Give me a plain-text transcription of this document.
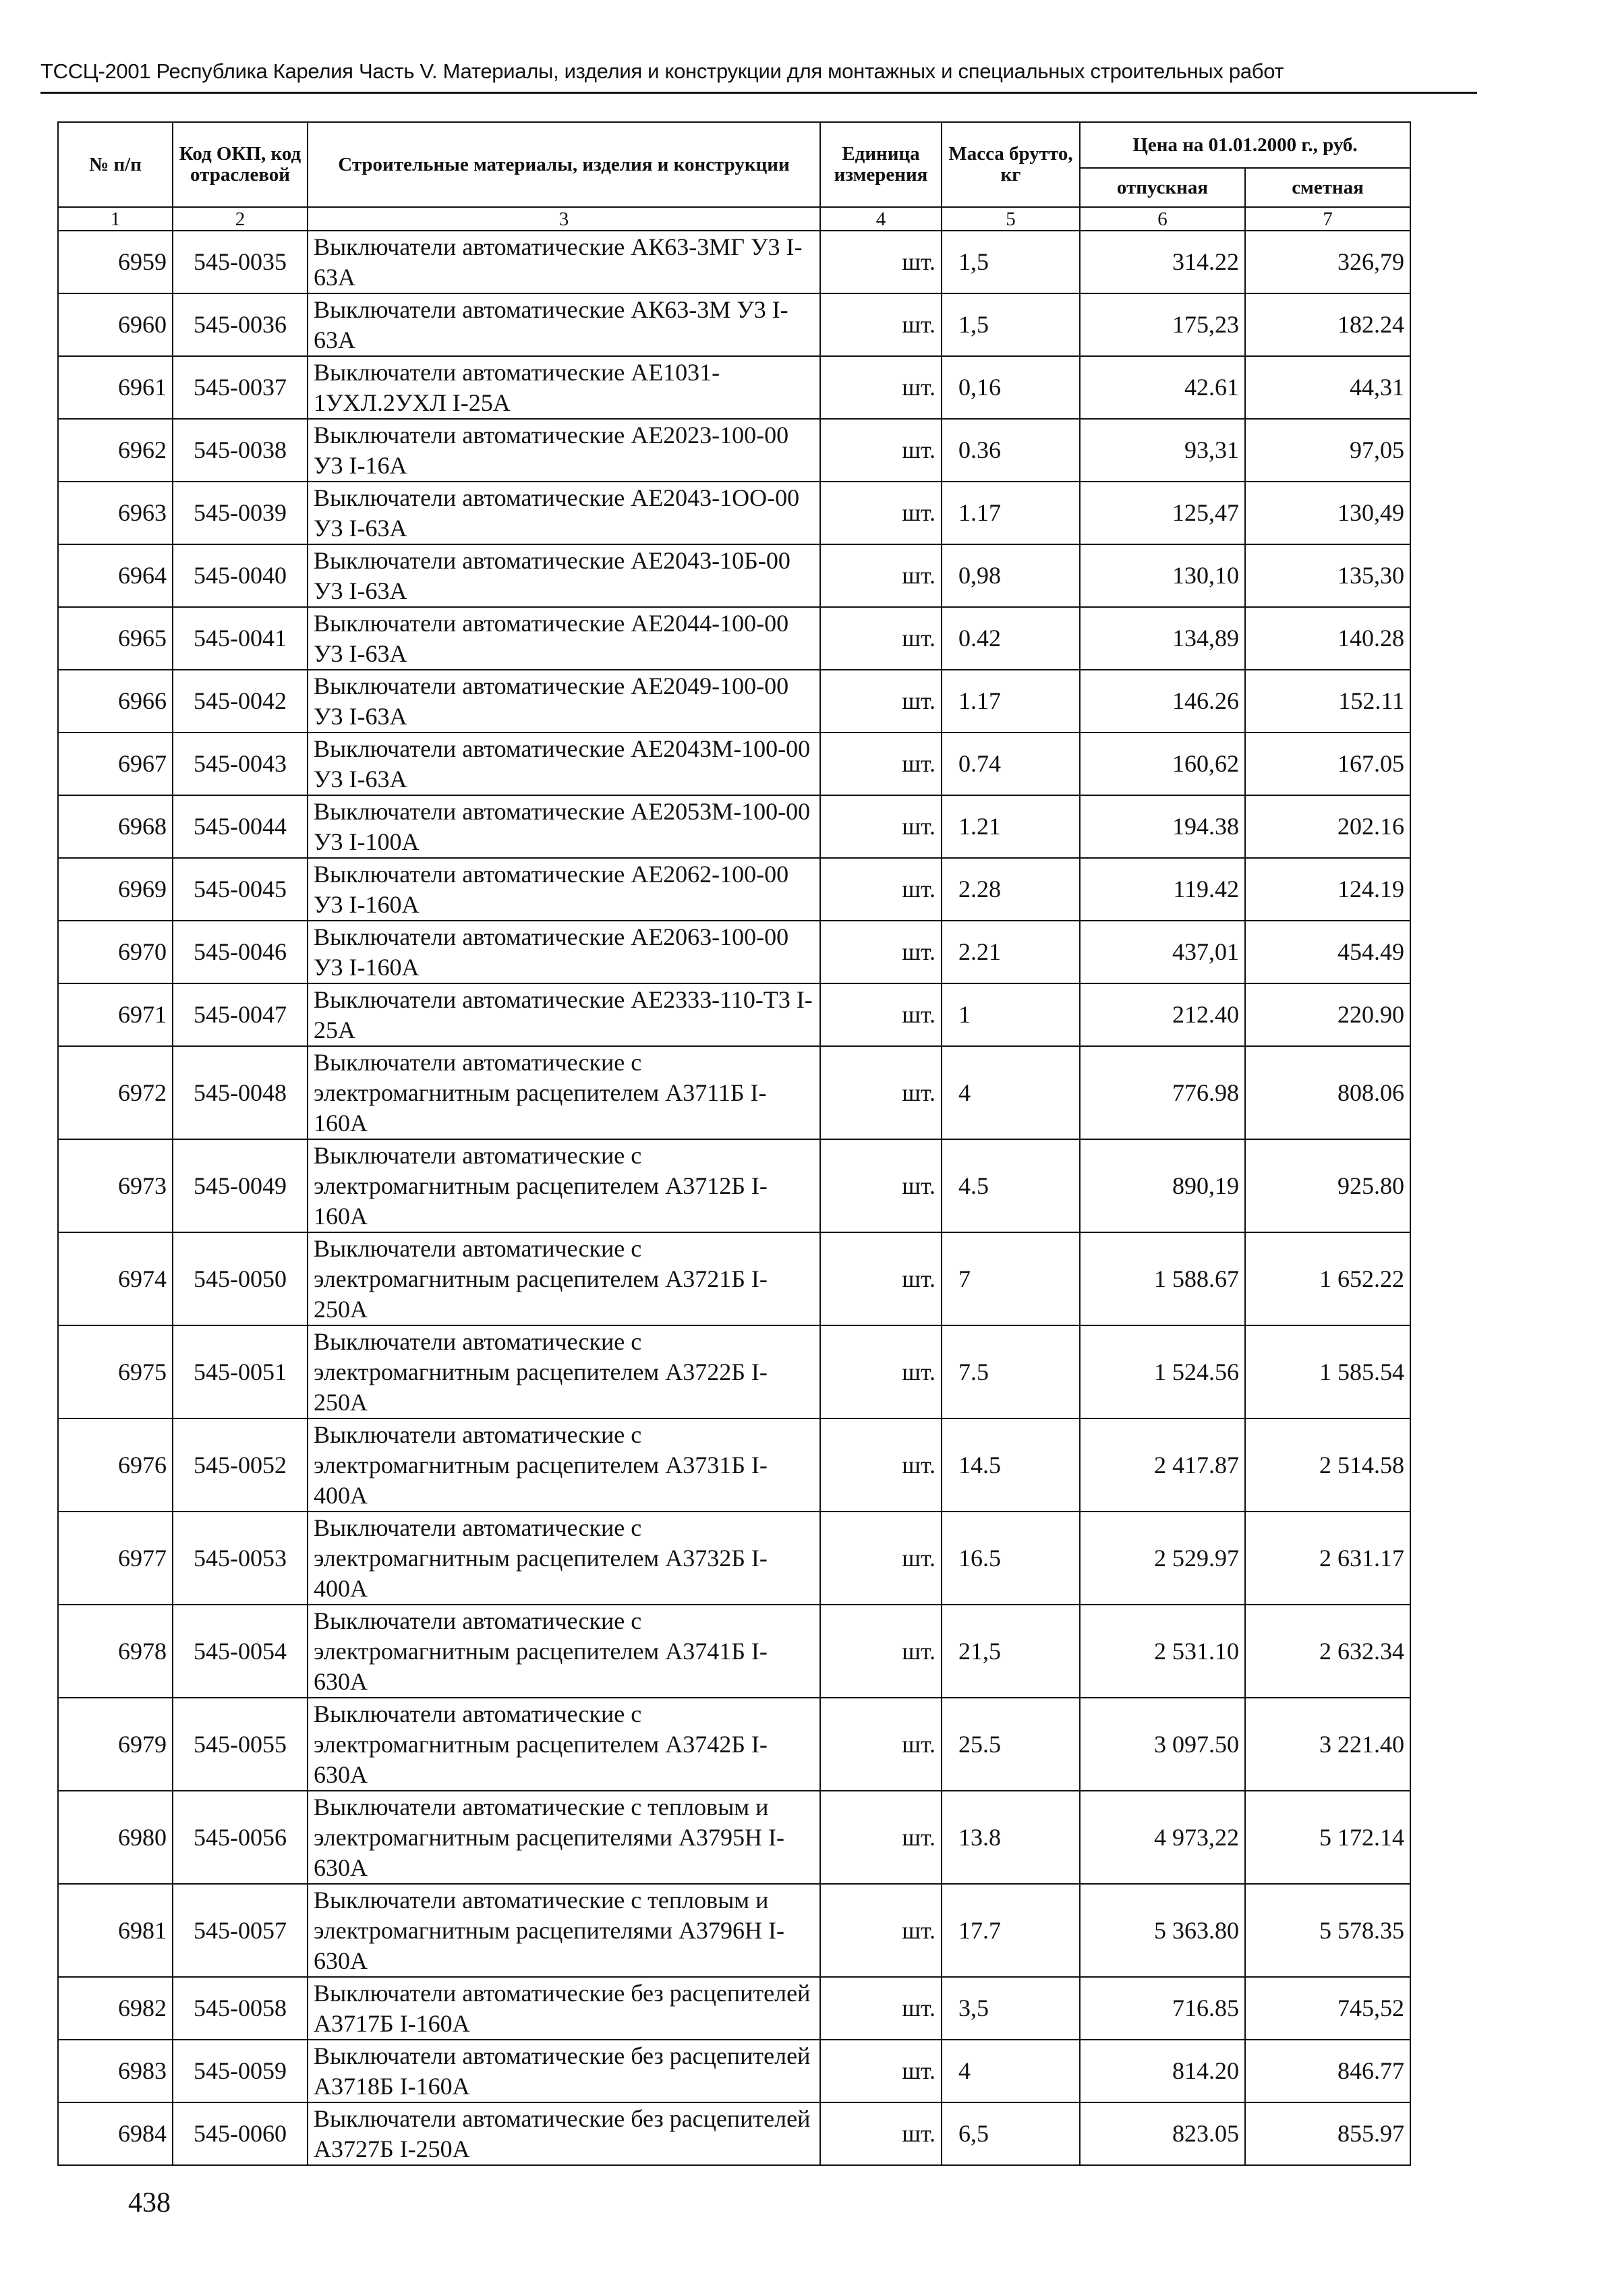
ТССЦ-2001 Республика Карелия Часть V. Материалы, изделия и конструкции для монтажных и специальных строительных работ
№ п/п	Код ОКП, код отраслевой	Строительные материалы, изделия и конструкции	Единица измерения	Масса брутто, кг	Цена на 01.01.2000 г., руб.	
					отпускная	сметная
1	2	3	4	5	6	7
6959	545-0035	Выключатели автоматические АК63-3МГ У3 I-63А	шт.	1,5	314.22	326,79
6960	545-0036	Выключатели автоматические АК63-3М У3 I-63А	шт.	1,5	175,23	182.24
6961	545-0037	Выключатели автоматические АЕ1031-1УХЛ.2УХЛ I-25А	шт.	0,16	42.61	44,31
6962	545-0038	Выключатели автоматические АЕ2023-100-00 У3 I-16А	шт.	0.36	93,31	97,05
6963	545-0039	Выключатели автоматические АЕ2043-1ОО-00 У3 I-63А	шт.	1.17	125,47	130,49
6964	545-0040	Выключатели автоматические АЕ2043-10Б-00 У3 I-63А	шт.	0,98	130,10	135,30
6965	545-0041	Выключатели автоматические АЕ2044-100-00 У3 I-63А	шт.	0.42	134,89	140.28
6966	545-0042	Выключатели автоматические АЕ2049-100-00 У3 I-63А	шт.	1.17	146.26	152.11
6967	545-0043	Выключатели автоматические АЕ2043М-100-00 У3 I-63А	шт.	0.74	160,62	167.05
6968	545-0044	Выключатели автоматические АЕ2053М-100-00 У3 I-100А	шт.	1.21	194.38	202.16
6969	545-0045	Выключатели автоматические АЕ2062-100-00 У3 I-160А	шт.	2.28	119.42	124.19
6970	545-0046	Выключатели автоматические АЕ2063-100-00 У3 I-160А	шт.	2.21	437,01	454.49
6971	545-0047	Выключатели автоматические АЕ2333-110-Т3 I-25А	шт.	1	212.40	220.90
6972	545-0048	Выключатели автоматические с электромагнитным расцепителем А3711Б I-160А	шт.	4	776.98	808.06
6973	545-0049	Выключатели автоматические с электромагнитным расцепителем А3712Б I-160А	шт.	4.5	890,19	925.80
6974	545-0050	Выключатели автоматические с электромагнитным расцепителем А3721Б I-250А	шт.	7	1 588.67	1 652.22
6975	545-0051	Выключатели автоматические с электромагнитным расцепителем А3722Б I-250А	шт.	7.5	1 524.56	1 585.54
6976	545-0052	Выключатели автоматические с электромагнитным расцепителем А3731Б I-400А	шт.	14.5	2 417.87	2 514.58
6977	545-0053	Выключатели автоматические с электромагнитным расцепителем А3732Б I-400А	шт.	16.5	2 529.97	2 631.17
6978	545-0054	Выключатели автоматические с электромагнитным расцепителем А3741Б I-630А	шт.	21,5	2 531.10	2 632.34
6979	545-0055	Выключатели автоматические с электромагнитным расцепителем А3742Б I-630А	шт.	25.5	3 097.50	3 221.40
6980	545-0056	Выключатели автоматические с тепловым и электромагнитным расцепителями А3795Н I-630А	шт.	13.8	4 973,22	5 172.14
6981	545-0057	Выключатели автоматические с тепловым и электромагнитным расцепителями А3796Н I-630А	шт.	17.7	5 363.80	5 578.35
6982	545-0058	Выключатели автоматические без расцепителей А3717Б I-160А	шт.	3,5	716.85	745,52
6983	545-0059	Выключатели автоматические без расцепителей А3718Б I-160А	шт.	4	814.20	846.77
6984	545-0060	Выключатели автоматические без расцепителей А3727Б I-250А	шт.	6,5	823.05	855.97
438
